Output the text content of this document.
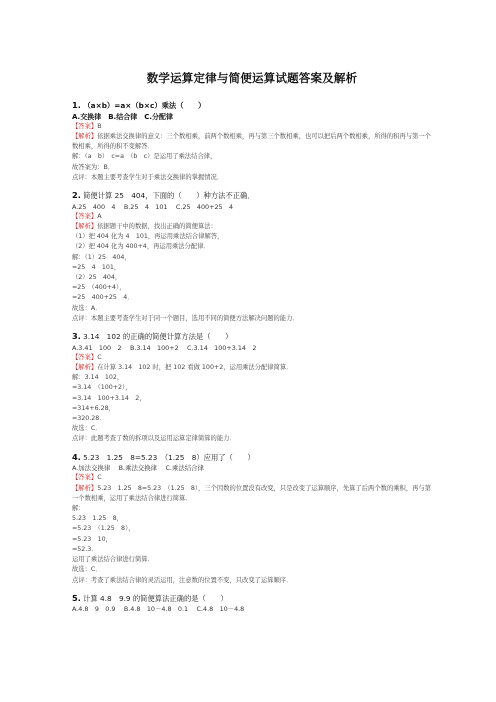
数学运算定律与简便运算试题答案及解析
1. （a×b）=a×（b×c）乘法（　　）
A.交换律　B.结合律　C.分配律
【答案】B
【解析】依据乘法交换律的意义：三个数相乘，前两个数相乘，再与第三个数相乘，也可以把后两个数相乘，所得的积再与第一个数相乘，所得的积不变解答．
解：（a　b）　c=a　（b　c）是运用了乘法结合律，
故答案为：B．
点评：本题主要考查学生对于乘法交换律的掌握情况．
2. 简便计算 25　404，下面的（　　）种方法不正确．
A.25　400　4　 B.25　4　101　 C.25　400+25　4
【答案】A
【解析】依据题干中的数据，找出正确的简便算法：
（1）把 404 化为 4　101，再运用乘法结合律解答，
（2）把 404 化为 400+4，再运用乘法分配律．
解：（1）25　404，
=25　4　101，
（2）25　404，
=25　（400+4），
=25　400+25　4．
故选：A．
点评：本题主要考查学生对于同一个题目，选用不同的简便方法解决问题的能力．
3. 3.14　102 的正确的简便计算方法是（　　）
A.3.41　100　2　 B.3.14　100+2　 C.3.14　100+3.14　2
【答案】C
【解析】在计算 3.14　102 时，把 102 看做 100+2，运用乘法分配律简算．
解：3.14　102，
=3.14　（100+2），
=3.14　100+3.14　2，
=314+6.28，
=320.28．
故选：C．
点评：此题考查了数的拆项以及运用运算定律简算的能力．
4. 5.23　1.25　8=5.23　（1.25　8）应用了（　　）
A.加法交换律　 B.乘法交换律　 C.乘法结合律
【答案】C
【解析】5.23　1.25　8=5.23　（1.25　8），三个因数的位置没有改变，只是改变了运算顺序，先算了后两个数的乘积，再与第一个数相乘，运用了乘法结合律进行简算．
解：
5.23　1.25　8，
=5.23　（1.25　8），
=5.23　10，
=52.3．
运用了乘法结合律进行简算．
故选：C．
点评：考查了乘法结合律的灵活运用，注意数的位置不变，只改变了运算顺序．
5. 计算 4.8　9.9 的简便算法正确的是（　　）
A.4.8　9　0.9　 B.4.8　10－4.8　0.1　 C.4.8　10－4.8
